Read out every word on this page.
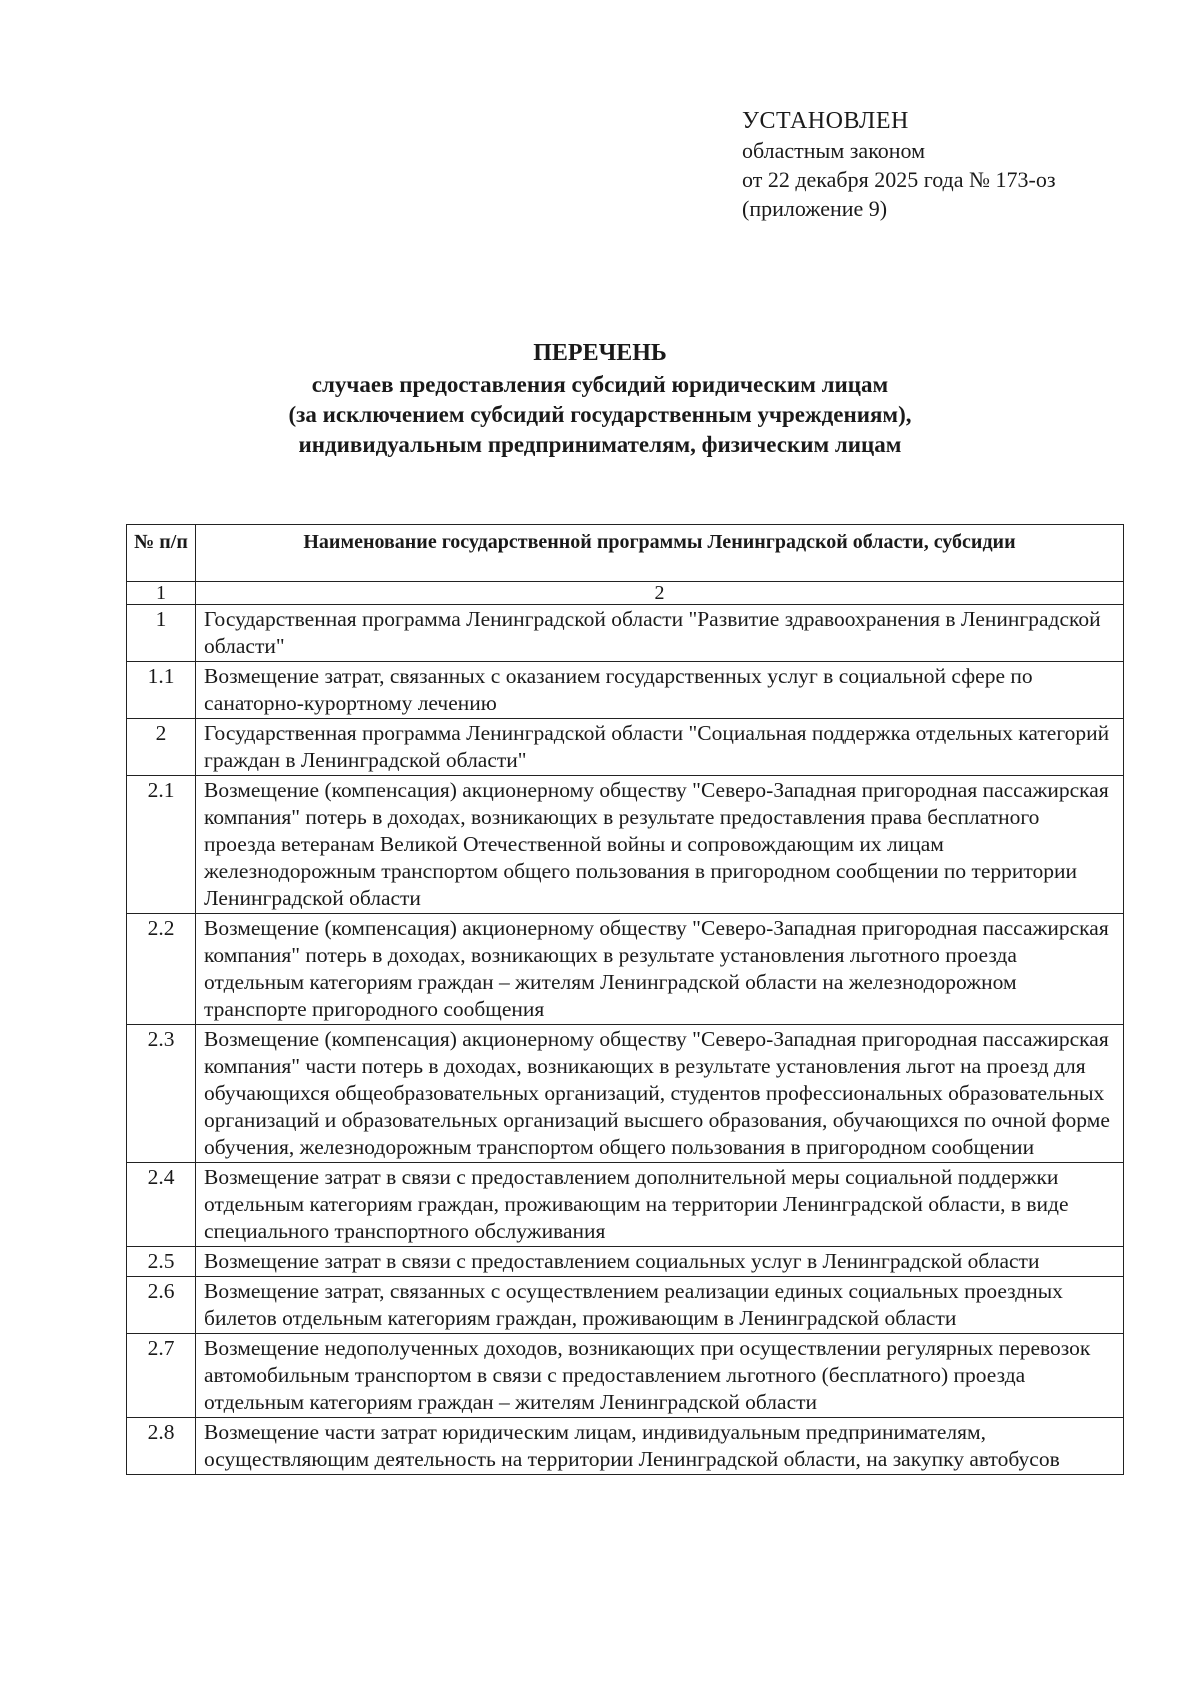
УСТАНОВЛЕН
областным законом
от 22 декабря 2025 года № 173-оз
(приложение 9)
ПЕРЕЧЕНЬ
случаев предоставления субсидий юридическим лицам
(за исключением субсидий государственным учреждениям),
индивидуальным предпринимателям, физическим лицам
№ п/п	Наименование государственной программы Ленинградской области, субсидии
1	2
1	Государственная программа Ленинградской области "Развитие здравоохранения в Ленинградской области"
1.1	Возмещение затрат, связанных с оказанием государственных услуг в социальной сфере по санаторно-курортному лечению
2	Государственная программа Ленинградской области "Социальная поддержка отдельных категорий граждан в Ленинградской области"
2.1	Возмещение (компенсация) акционерному обществу "Северо-Западная пригородная пассажирская компания" потерь в доходах, возникающих в результате предоставления права бесплатного проезда ветеранам Великой Отечественной войны и сопровождающим их лицам железнодорожным транспортом общего пользования в пригородном сообщении по территории Ленинградской области
2.2	Возмещение (компенсация) акционерному обществу "Северо-Западная пригородная пассажирская компания" потерь в доходах, возникающих в результате установления льготного проезда отдельным категориям граждан – жителям Ленинградской области на железнодорожном транспорте пригородного сообщения
2.3	Возмещение (компенсация) акционерному обществу "Северо-Западная пригородная пассажирская компания" части потерь в доходах, возникающих в результате установления льгот на проезд для обучающихся общеобразовательных организаций, студентов профессиональных образовательных организаций и образовательных организаций высшего образования, обучающихся по очной форме обучения, железнодорожным транспортом общего пользования в пригородном сообщении
2.4	Возмещение затрат в связи с предоставлением дополнительной меры социальной поддержки отдельным категориям граждан, проживающим на территории Ленинградской области, в виде специального транспортного обслуживания
2.5	Возмещение затрат в связи с предоставлением социальных услуг в Ленинградской области
2.6	Возмещение затрат, связанных с осуществлением реализации единых социальных проездных билетов отдельным категориям граждан, проживающим в Ленинградской области
2.7	Возмещение недополученных доходов, возникающих при осуществлении регулярных перевозок автомобильным транспортом в связи с предоставлением льготного (бесплатного) проезда отдельным категориям граждан – жителям Ленинградской области
2.8	Возмещение части затрат юридическим лицам, индивидуальным предпринимателям, осуществляющим деятельность на территории Ленинградской области, на закупку автобусов
